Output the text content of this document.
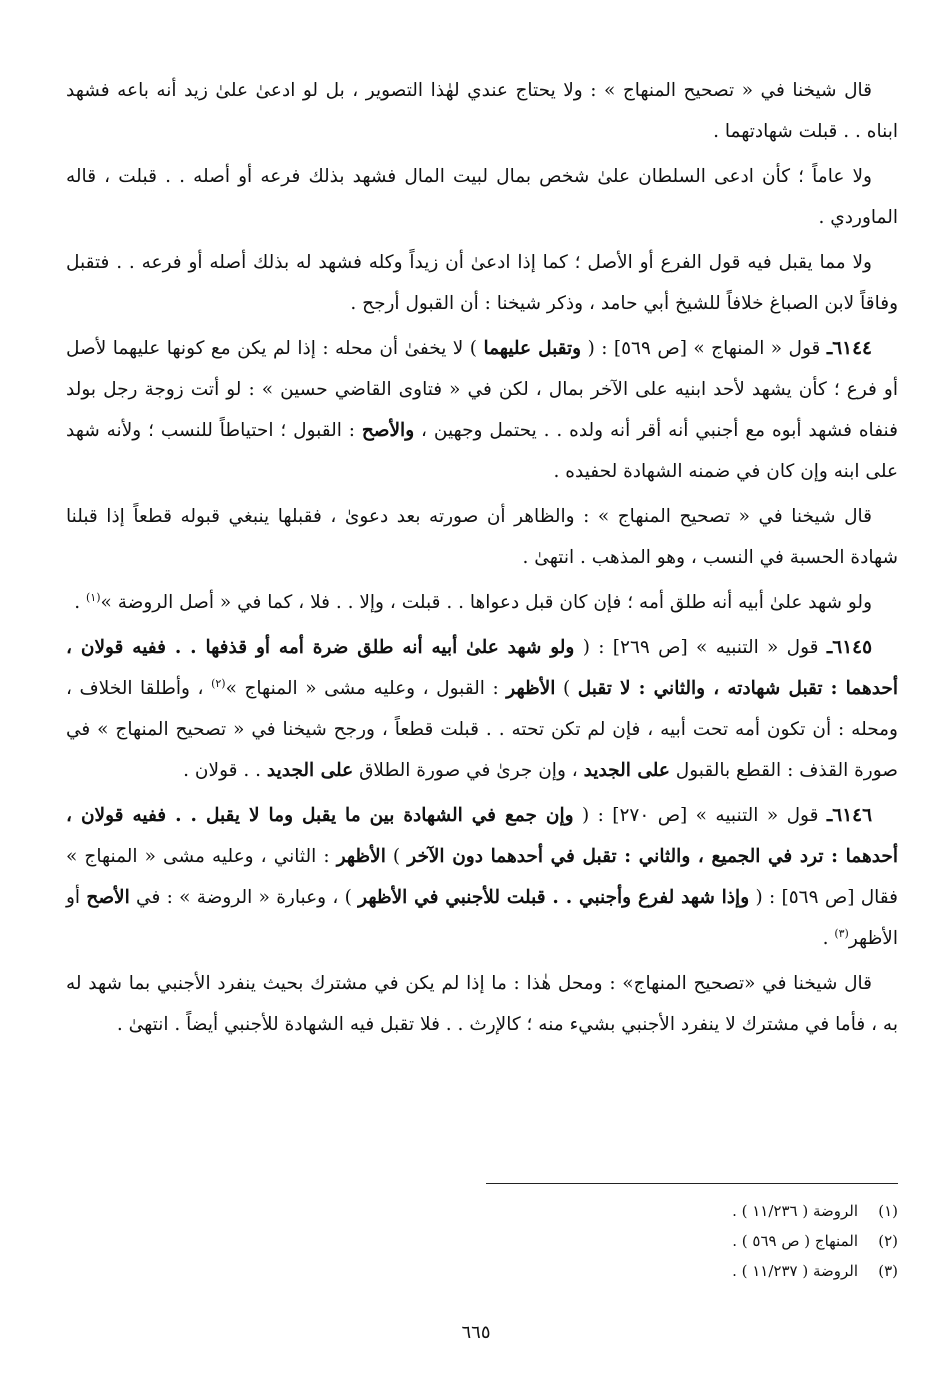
قال شيخنا في « تصحيح المنهاج » : ولا يحتاج عندي لهٰذا التصوير ، بل لو ادعىٰ علىٰ زيد أنه باعه فشهد ابناه . . قبلت شهادتهما .

ولا عاماً ؛ كأن ادعى السلطان علىٰ شخص بمال لبيت المال فشهد بذلك فرعه أو أصله . . قبلت ، قاله الماوردي .

ولا مما يقبل فيه قول الفرع أو الأصل ؛ كما إذا ادعىٰ أن زيداً وكله فشهد له بذلك أصله أو فرعه . . فتقبل وفاقاً لابن الصباغ خلافاً للشيخ أبي حامد ، وذكر شيخنا : أن القبول أرجح .

٦١٤٤ـ قول « المنهاج » [ص ٥٦٩] : ( وتقبل عليهما ) لا يخفىٰ أن محله : إذا لم يكن مع كونها عليهما لأصل أو فرع ؛ كأن يشهد لأحد ابنيه على الآخر بمال ، لكن في « فتاوى القاضي حسين » : لو أتت زوجة رجل بولد فنفاه فشهد أبوه مع أجنبي أنه أقر أنه ولده . . يحتمل وجهين ، والأصح : القبول ؛ احتياطاً للنسب ؛ ولأنه شهد على ابنه وإن كان في ضمنه الشهادة لحفيده .

قال شيخنا في « تصحيح المنهاج » : والظاهر أن صورته بعد دعوىٰ ، فقبلها ينبغي قبوله قطعاً إذا قبلنا شهادة الحسبة في النسب ، وهو المذهب . انتهىٰ .

ولو شهد علىٰ أبيه أنه طلق أمه ؛ فإن كان قبل دعواها . . قبلت ، وإلا . . فلا ، كما في « أصل الروضة »$^{(١)}$ .

٦١٤٥ـ قول « التنبيه » [ص ٢٦٩] : ( ولو شهد علىٰ أبيه أنه طلق ضرة أمه أو قذفها . . ففيه قولان ، أحدهما : تقبل شهادته ، والثاني : لا تقبل ) الأظهر : القبول ، وعليه مشى « المنهاج »$^{(٢)}$ ، وأطلقا الخلاف ، ومحله : أن تكون أمه تحت أبيه ، فإن لم تكن تحته . . قبلت قطعاً ، ورجح شيخنا في « تصحيح المنهاج » في صورة القذف : القطع بالقبول على الجديد ، وإن جرىٰ في صورة الطلاق على الجديد . . قولان .

٦١٤٦ـ قول « التنبيه » [ص ٢٧٠] : ( وإن جمع في الشهادة بين ما يقبل وما لا يقبل . . ففيه قولان ، أحدهما : ترد في الجميع ، والثاني : تقبل في أحدهما دون الآخر ) الأظهر : الثاني ، وعليه مشى « المنهاج » فقال [ص ٥٦٩] : ( وإذا شهد لفرع وأجنبي . . قبلت للأجنبي في الأظهر ) ، وعبارة « الروضة » : في الأصح أو الأظهر$^{(٣)}$ .

قال شيخنا في «تصحيح المنهاج» : ومحل هٰذا : ما إذا لم يكن في مشترك بحيث ينفرد الأجنبي بما شهد له به ، فأما في مشترك لا ينفرد الأجنبي بشيء منه ؛ كالإرث . . فلا تقبل فيه الشهادة للأجنبي أيضاً . انتهىٰ .

(١)الروضة ( ١١/٢٣٦ ) .
(٢)المنهاج ( ص ٥٦٩ ) .
(٣)الروضة ( ١١/٢٣٧ ) .
٦٦٥
